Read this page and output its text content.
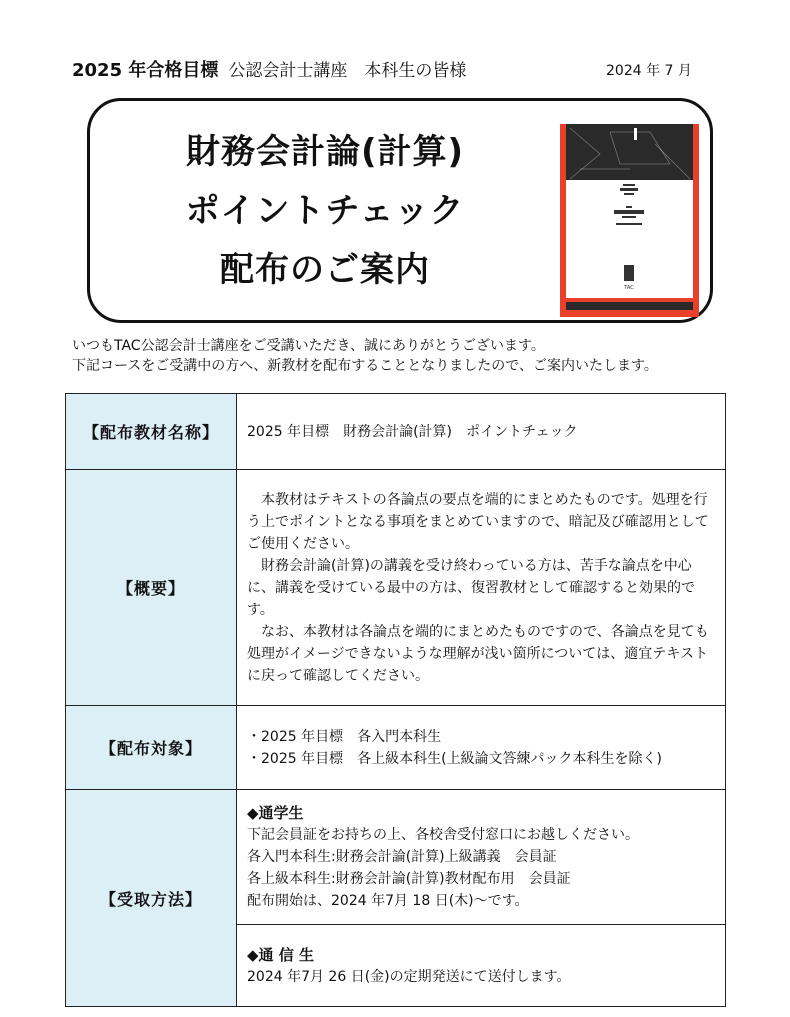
2025 年合格目標 公認会計士講座　本科生の皆様	2024 年 7 月
財務会計論(計算)
ポイントチェック
配布のご案内	TAC
いつもTAC公認会計士講座をご受講いただき、誠にありがとうございます。
下記コースをご受講中の方へ、新教材を配布することとなりましたので、ご案内いたします。
【配布教材名称】	2025 年目標　財務会計論(計算)　ポイントチェック
【概要】	本教材はテキストの各論点の要点を端的にまとめたものです。処理を行う上でポイントとなる事項をまとめていますので、暗記及び確認用としてご使用ください。

財務会計論(計算)の講義を受け終わっている方は、苦手な論点を中心に、講義を受けている最中の方は、復習教材として確認すると効果的です。

なお、本教材は各論点を端的にまとめたものですので、各論点を見ても処理がイメージできないような理解が浅い箇所については、適宜テキストに戻って確認してください。

【配布対象】	・2025 年目標　各入門本科生
・2025 年目標　各上級本科生(上級論文答練パック本科生を除く)

【受取方法】	◆通学生
下記会員証をお持ちの上、各校舎受付窓口にお越しください。
各入門本科生:財務会計論(計算)上級講義　会員証
各上級本科生:財務会計論(計算)教材配布用　会員証
配布開始は、2024 年7月 18 日(木)～です。

	◆通 信 生
2024 年7月 26 日(金)の定期発送にて送付します。
